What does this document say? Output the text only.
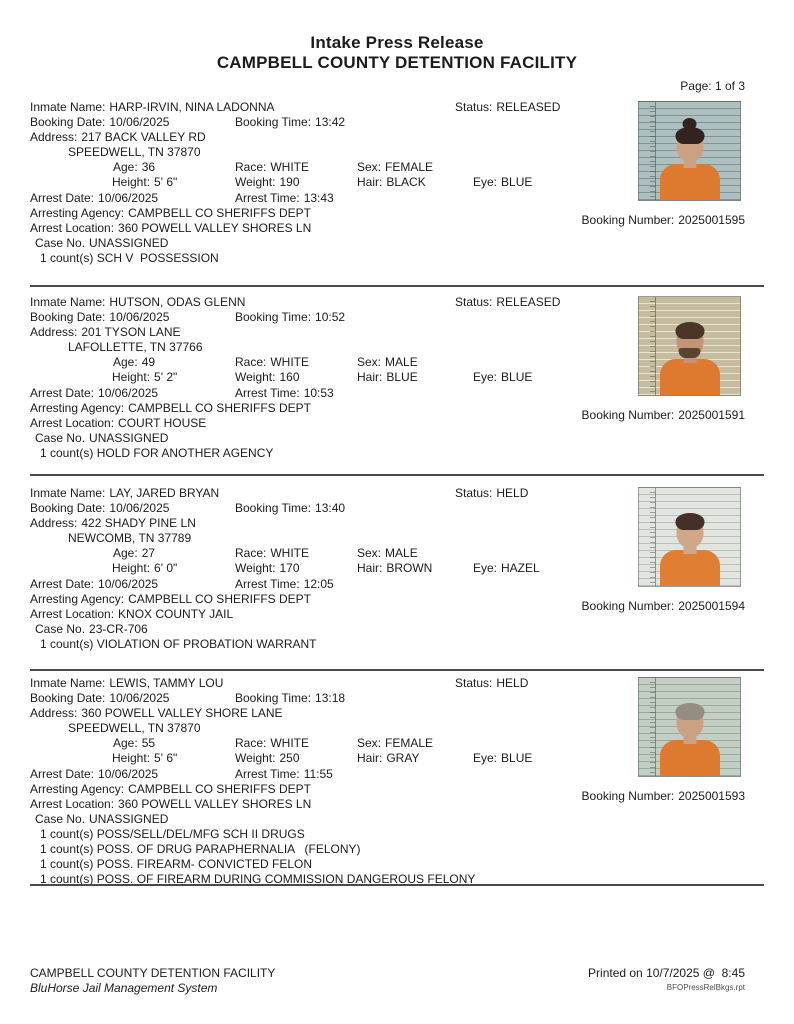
Intake Press Release
CAMPBELL COUNTY DETENTION FACILITY
Page: 1 of 3

Inmate Name: HARP-IRVIN, NINA LADONNA

	Status: RELEASED

Booking Date: 10/06/2025

	Booking Time: 13:42

Address: 217 BACK VALLEY RD

SPEEDWELL, TN 37870

Age: 36

	Race: WHITE

	Sex: FEMALE

Height: 5' 6"

	Weight: 190

	Hair: BLACK

	Eye: BLUE

Arrest Date: 10/06/2025

	Arrest Time: 13:43

Arresting Agency: CAMPBELL CO SHERIFFS DEPT

Arrest Location: 360 POWELL VALLEY SHORES LN

Case No. UNASSIGNED

1 count(s) SCH V  POSSESSION

Booking Number: 2025001595

Inmate Name: HUTSON, ODAS GLENN

	Status: RELEASED

Booking Date: 10/06/2025

	Booking Time: 10:52

Address: 201 TYSON LANE

LAFOLLETTE, TN 37766

Age: 49

	Race: WHITE

	Sex: MALE

Height: 5' 2"

	Weight: 160

	Hair: BLUE

	Eye: BLUE

Arrest Date: 10/06/2025

	Arrest Time: 10:53

Arresting Agency: CAMPBELL CO SHERIFFS DEPT

Arrest Location: COURT HOUSE

Case No. UNASSIGNED

1 count(s) HOLD FOR ANOTHER AGENCY

Booking Number: 2025001591

Inmate Name: LAY, JARED BRYAN

	Status: HELD

Booking Date: 10/06/2025

	Booking Time: 13:40

Address: 422 SHADY PINE LN

NEWCOMB, TN 37789

Age: 27

	Race: WHITE

	Sex: MALE

Height: 6' 0"

	Weight: 170

	Hair: BROWN

	Eye: HAZEL

Arrest Date: 10/06/2025

	Arrest Time: 12:05

Arresting Agency: CAMPBELL CO SHERIFFS DEPT

Arrest Location: KNOX COUNTY JAIL

Case No. 23-CR-706

1 count(s) VIOLATION OF PROBATION WARRANT

Booking Number: 2025001594

Inmate Name: LEWIS, TAMMY LOU

	Status: HELD

Booking Date: 10/06/2025

	Booking Time: 13:18

Address: 360 POWELL VALLEY SHORE LANE

SPEEDWELL, TN 37870

Age: 55

	Race: WHITE

	Sex: FEMALE

Height: 5' 6"

	Weight: 250

	Hair: GRAY

	Eye: BLUE

Arrest Date: 10/06/2025

	Arrest Time: 11:55

Arresting Agency: CAMPBELL CO SHERIFFS DEPT

Arrest Location: 360 POWELL VALLEY SHORES LN

Case No. UNASSIGNED

1 count(s) POSS/SELL/DEL/MFG SCH II DRUGS

1 count(s) POSS. OF DRUG PARAPHERNALIA   (FELONY)

1 count(s) POSS. FIREARM- CONVICTED FELON

1 count(s) POSS. OF FIREARM DURING COMMISSION DANGEROUS FELONY

Booking Number: 2025001593
CAMPBELL COUNTY DETENTION FACILITY
BluHorse Jail Management System
Printed on 10/7/2025 @  8:45
BFOPressRelBkgs.rpt
